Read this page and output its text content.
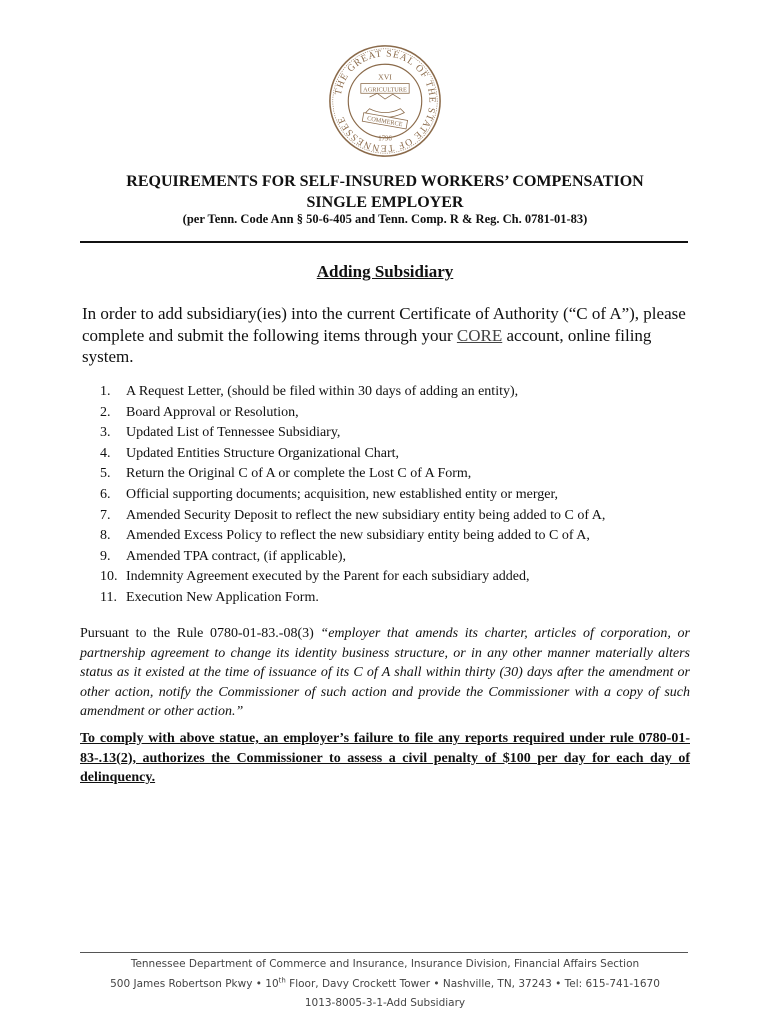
THE GREAT SEAL OF THE STATE OF TENNESSEE
XVI
AGRICULTURE
COMMERCE
1796
REQUIREMENTS FOR SELF-INSURED WORKERS’ COMPENSATION
SINGLE EMPLOYER
(per Tenn. Code Ann § 50-6-405 and Tenn. Comp. R & Reg. Ch. 0781-01-83)
Adding Subsidiary
In order to add subsidiary(ies) into the current Certificate of Authority (“C of A”), please complete and submit the following items through your CORE account, online filing system.
1.	A Request Letter, (should be filed within 30 days of adding an entity),
2.	Board Approval or Resolution,
3.	Updated List of Tennessee Subsidiary,
4.	Updated Entities Structure Organizational Chart,
5.	Return the Original C of A or complete the Lost C of A Form,
6.	Official supporting documents; acquisition, new established entity or merger,
7.	Amended Security Deposit to reflect the new subsidiary entity being added to C of A,
8.	Amended Excess Policy to reflect the new subsidiary entity being added to C of A,
9.	Amended TPA contract, (if applicable),
10. Indemnity Agreement executed by the Parent for each subsidiary added,
11. Execution New Application Form.
Pursuant to the Rule 0780-01-83.-08(3) “employer that amends its charter, articles of corporation, or partnership agreement to change its identity business structure, or in any other manner materially alters status as it existed at the time of issuance of its C of A shall within thirty (30) days after the amendment or other action, notify the Commissioner of such action and provide the Commissioner with a copy of such amendment or other action.”
To comply with above statue, an employer’s failure to file any reports required under rule 0780-01-83-.13(2), authorizes the Commissioner to assess a civil penalty of $100 per day for each day of delinquency.
Tennessee Department of Commerce and Insurance, Insurance Division, Financial Affairs Section
500 James Robertson Pkwy • 10th Floor, Davy Crockett Tower • Nashville, TN, 37243 • Tel: 615-741-1670
1013-8005-3-1-Add Subsidiary
